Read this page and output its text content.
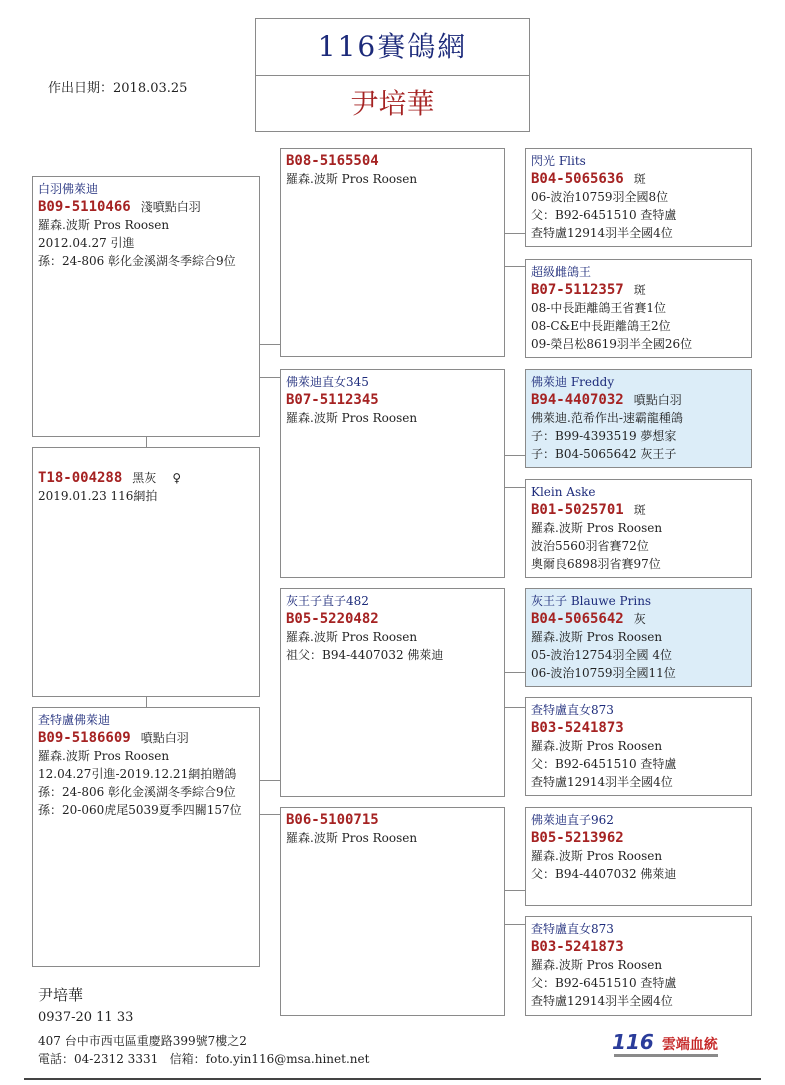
116賽鴿網
尹培華
作出日期：2018.03.25
白羽佛萊迪
B09-5110466 淺噴點白羽
羅森.波斯 Pros Roosen
2012.04.27 引進
孫：24-806 彰化金溪湖冬季綜合9位
T18-004288 黑灰 ♀
2019.01.23 116網拍
查特盧佛萊迪
B09-5186609 噴點白羽
羅森.波斯 Pros Roosen
12.04.27引進-2019.12.21網拍贈鴿
孫：24-806 彰化金溪湖冬季綜合9位
孫：20-060虎尾5039夏季四關157位
B08-5165504
羅森.波斯 Pros Roosen
佛萊迪直女345
B07-5112345
羅森.波斯 Pros Roosen
灰王子直子482
B05-5220482
羅森.波斯 Pros Roosen
祖父：B94-4407032 佛萊迪
B06-5100715
羅森.波斯 Pros Roosen
閃光 Flits
B04-5065636 斑
06-波治10759羽全國8位
父：B92-6451510 查特盧
查特盧12914羽半全國4位
超級雌鴿王
B07-5112357 斑
08-中長距離鴿王省賽1位
08-C&E中長距離鴿王2位
09-榮吕松8619羽半全國26位
佛萊迪 Freddy
B94-4407032 噴點白羽
佛萊迪.范希作出-速霸龍種鴿
子：B99-4393519 夢想家
子：B04-5065642 灰王子
Klein Aske
B01-5025701 斑
羅森.波斯 Pros Roosen
波治5560羽省賽72位
奧爾良6898羽省賽97位
灰王子 Blauwe Prins
B04-5065642 灰
羅森.波斯 Pros Roosen
05-波治12754羽全國 4位
06-波治10759羽全國11位
查特盧直女873
B03-5241873
羅森.波斯 Pros Roosen
父：B92-6451510 查特盧
查特盧12914羽半全國4位
佛萊迪直子962
B05-5213962
羅森.波斯 Pros Roosen
父：B94-4407032 佛萊迪
查特盧直女873
B03-5241873
羅森.波斯 Pros Roosen
父：B92-6451510 查特盧
查特盧12914羽半全國4位
尹培華
0937-20 11 33
407 台中市西屯區重慶路399號7樓之2
電話：04-2312 3331   信箱：foto.yin116@msa.hinet.net
116 雲端血統
